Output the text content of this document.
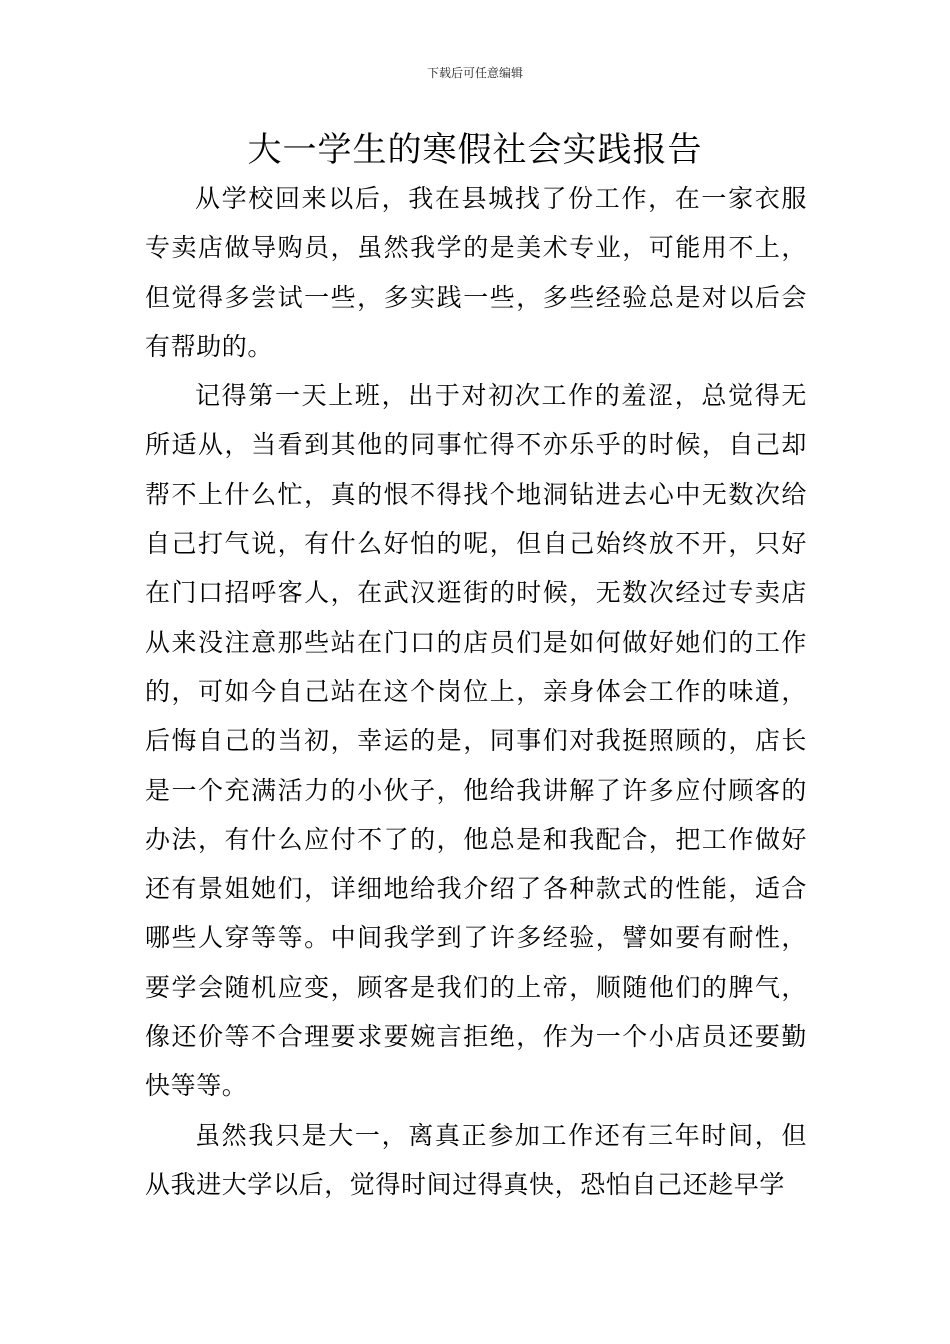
下载后可任意编辑
大一学生的寒假社会实践报告

从学校回来以后，我在县城找了份工作，在一家衣服专卖店做导购员，虽然我学的是美术专业，可能用不上，但觉得多尝试一些，多实践一些，多些经验总是对以后会有帮助的。

记得第一天上班，出于对初次工作的羞涩，总觉得无所适从，当看到其他的同事忙得不亦乐乎的时候，自己却帮不上什么忙，真的恨不得找个地洞钻进去心中无数次给自己打气说，有什么好怕的呢，但自己始终放不开，只好在门口招呼客人，在武汉逛街的时候，无数次经过专卖店从来没注意那些站在门口的店员们是如何做好她们的工作的，可如今自己站在这个岗位上，亲身体会工作的味道，后悔自己的当初，幸运的是，同事们对我挺照顾的，店长是一个充满活力的小伙子，他给我讲解了许多应付顾客的办法，有什么应付不了的，他总是和我配合，把工作做好还有景姐她们，详细地给我介绍了各种款式的性能，适合哪些人穿等等。中间我学到了许多经验，譬如要有耐性，要学会随机应变，顾客是我们的上帝，顺随他们的脾气，像还价等不合理要求要婉言拒绝，作为一个小店员还要勤快等等。

虽然我只是大一，离真正参加工作还有三年时间，但从我进大学以后，觉得时间过得真快，恐怕自己还趁早学
